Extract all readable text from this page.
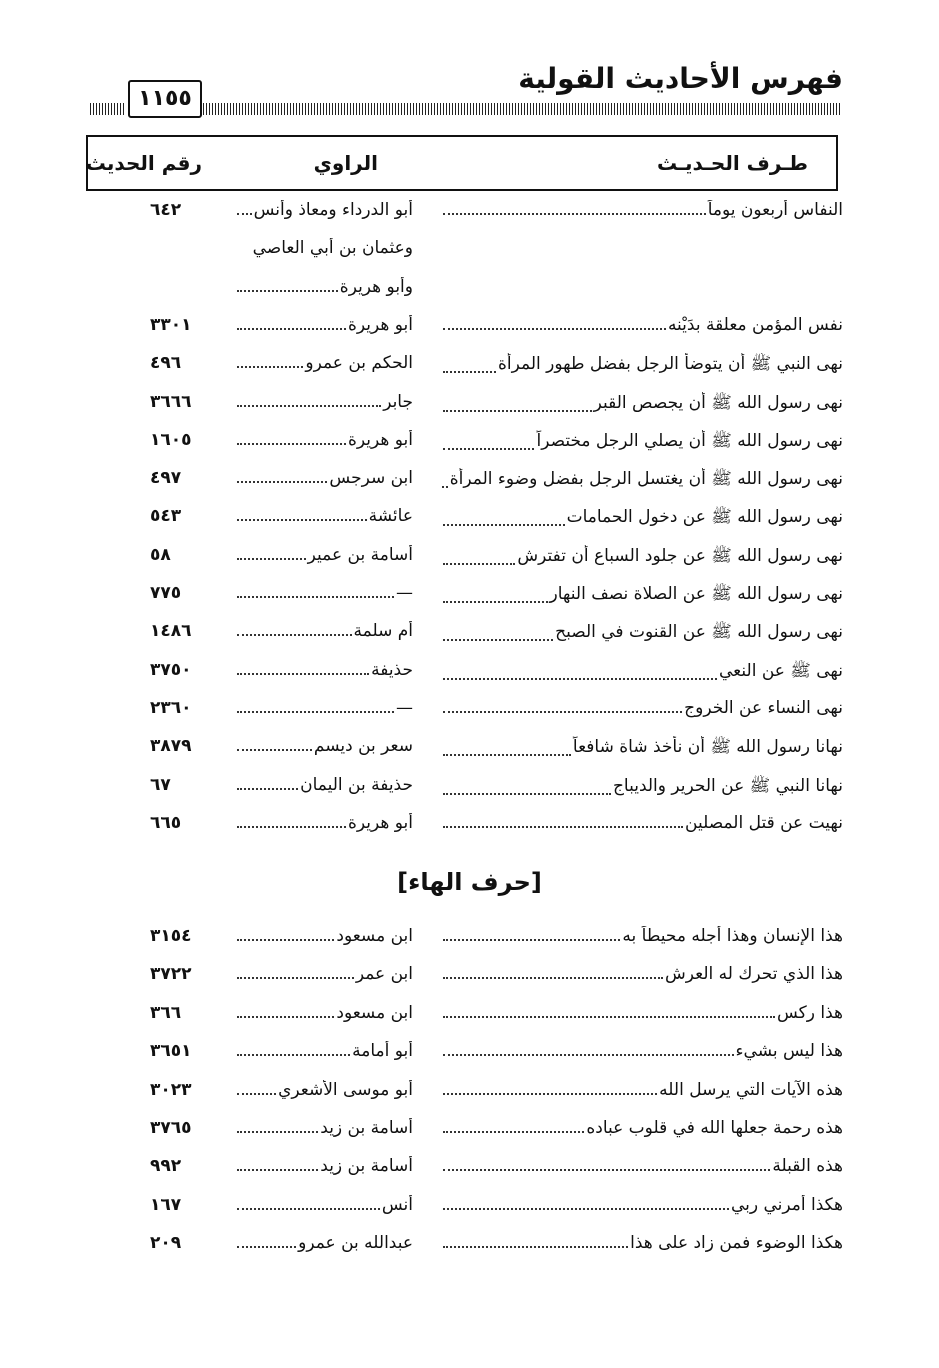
فهرس الأحاديث القولية
١١٥٥
طـرف الحـديـث
الراوي
رقم الحديث
النفاس أربعون يوماً
أبو الدرداء ومعاذ وأنس
٦٤٢
وعثمان بن أبي العاصي
وأبو هريرة
نفس المؤمن معلقة بدَيْنه
أبو هريرة
٣٣٠١
نهى النبي ﷺ أن يتوضأ الرجل بفضل طهور المرأة
الحكم بن عمرو
٤٩٦
نهى رسول الله ﷺ أن يجصص القبر
جابر
٣٦٦٦
نهى رسول الله ﷺ أن يصلي الرجل مختصراً
أبو هريرة
١٦٠٥
نهى رسول الله ﷺ أن يغتسل الرجل بفضل وضوء المرأة
ابن سرجس
٤٩٧
نهى رسول الله ﷺ عن دخول الحمامات
عائشة
٥٤٣
نهى رسول الله ﷺ عن جلود السباع أن تفترش
أسامة بن عمير
٥٨
نهى رسول الله ﷺ عن الصلاة نصف النهار
—
٧٧٥
نهى رسول الله ﷺ عن القنوت في الصبح
أم سلمة
١٤٨٦
نهى ﷺ عن النعي
حذيفة
٣٧٥٠
نهى النساء عن الخروج
—
٢٣٦٠
نهانا رسول الله ﷺ أن نأخذ شاة شافعاً
سعر بن ديسم
٣٨٧٩
نهانا النبي ﷺ عن الحرير والديباج
حذيفة بن اليمان
٦٧
نهيت عن قتل المصلين
أبو هريرة
٦٦٥
[حرف الهاء]
هذا الإنسان وهذا أجله محيطاً به
ابن مسعود
٣١٥٤
هذا الذي تحرك له العرش
ابن عمر
٣٧٢٢
هذا ركس
ابن مسعود
٣٦٦
هذا ليس بشيء
أبو أمامة
٣٦٥١
هذه الآيات التي يرسل الله
أبو موسى الأشعري
٣٠٢٣
هذه رحمة جعلها الله في قلوب عباده
أسامة بن زيد
٣٧٦٥
هذه القبلة
أسامة بن زيد
٩٩٢
هكذا أمرني ربي
أنس
١٦٧
هكذا الوضوء فمن زاد على هذا
عبدالله بن عمرو
٢٠٩
